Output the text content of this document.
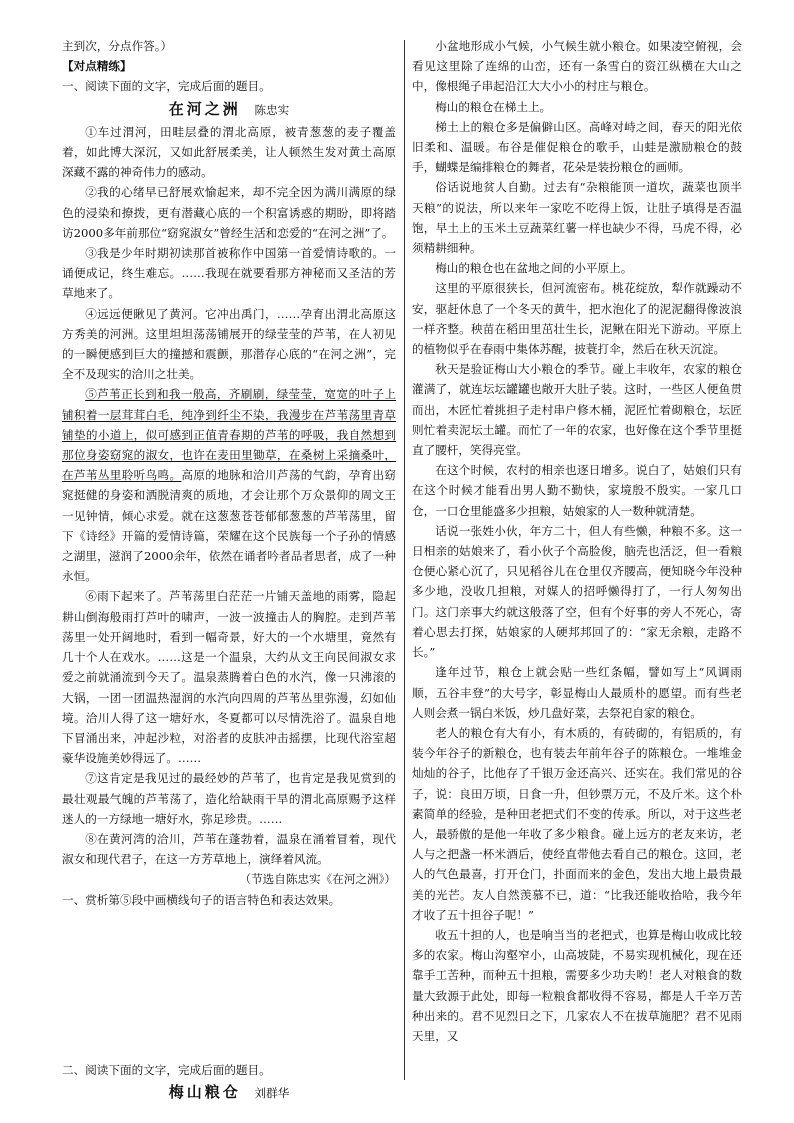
主到次，分点作答。）

【对点精练】

一、阅读下面的文字，完成后面的题目。

在河之洲 陈忠实

①车过渭河，田畦层叠的渭北高原，被青葱葱的麦子覆盖着，如此博大深沉，又如此舒展柔美，让人顿然生发对黄土高原深藏不露的神奇伟力的感动。

②我的心绪早已舒展欢愉起来，却不完全因为满川满原的绿色的浸染和撩拨，更有潜藏心底的一个积富诱惑的期盼，即将踏访2000多年前那位“窈窕淑女”曾经生活和恋爱的“在河之洲”了。

③我是少年时期初读那首被称作中国第一首爱情诗歌的。一诵便成记，终生难忘。……我现在就要看那方神秘而又圣洁的芳草地来了。

④远远便瞅见了黄河。它冲出禹门，……孕育出渭北高原这方秀美的河洲。这里坦坦荡荡铺展开的绿莹莹的芦苇，在人初见的一瞬便感到巨大的撞撼和震颤，那潜存心底的“在河之洲”，完全不及现实的洽川之壮美。

⑤芦苇正长到和我一般高，齐刷刷，绿莹莹，宽宽的叶子上铺积着一层茸茸白毛，纯净到纤尘不染，我漫步在芦苇荡里青草铺垫的小道上，似可感到正值青春期的芦苇的呼吸，我自然想到那位身姿窈窕的淑女，也许在麦田里锄草，在桑树上采摘桑叶，在芦苇丛里聆听鸟鸣。高原的地脉和洽川芦荡的气韵，孕育出窈窕挺健的身姿和洒脱清爽的质地，才会让那个万众景仰的周文王一见钟情，倾心求爱。就在这葱葱苍苍郁郁葱葱的芦苇荡里，留下《诗经》开篇的爱情诗篇，荣耀在这个民族每一个子孙的情感之湖里，滋润了2000余年，依然在诵者吟者品者思者，成了一种永恒。

⑥雨下起来了。芦苇荡里白茫茫一片铺天盖地的雨雾，隐起耕山倒海般雨打芦叶的啸声，一波一波撞击人的胸腔。走到芦苇荡里一处开阔地时，看到一幅奇景，好大的一个水塘里，竟然有几十个人在戏水。……这是一个温泉，大约从文王向民间淑女求爱之前就涌流到今天了。温泉蒸腾着白色的水汽，像一只沸滚的大锅，一团一团温热湿润的水汽向四周的芦苇丛里弥漫，幻如仙境。洽川人得了这一塘好水，冬夏都可以尽情洗浴了。温泉自地下冒涌出来，冲起沙粒，对浴者的皮肤冲击摇摆，比现代浴室超豪华设施美妙得远了。……

⑦这肯定是我见过的最经妙的芦苇了，也肯定是我见赏到的最壮观最气魄的芦苇荡了，造化给缺雨干旱的渭北高原赐予这样迷人的一方绿地一塘好水，弥足珍贵。……

⑧在黄河湾的洽川，芦苇在蓬勃着，温泉在涌着冒着，现代淑女和现代君子，在这一方芳草地上，演绎着风流。

（节选自陈忠实《在河之洲》）

一、赏析第⑤段中画横线句子的语言特色和表达效果。

二、阅读下面的文字，完成后面的题目。

梅山粮仓 刘群华

小盆地形成小气候，小气候生就小粮仓。如果凌空俯视，会看见这里除了连绵的山峦，还有一条雪白的资江纵横在大山之中，像根绳子串起沿江大大小小的村庄与粮仓。

梅山的粮仓在梯土上。

梯土上的粮仓多是偏僻山区。高峰对峙之间，春天的阳光依旧柔和、温暖。布谷是催促粮仓的歌手，山蛙是激励粮仓的鼓手，蝴蝶是编排粮仓的舞者，花朵是装扮粮仓的画师。

俗话说地贫人自勤。过去有“杂粮能顶一道坎，蔬菜也顶半天粮”的说法，所以来年一家吃不吃得上饭，让肚子填得是否温饱，早土上的玉米土豆蔬菜红薯一样也缺少不得，马虎不得，必须精耕细种。

梅山的粮仓也在盆地之间的小平原上。

这里的平原很狭长，但河流密布。桃花绽放，犁作就躁动不安，驱赶休息了一个冬天的黄牛，把水泡化了的泥泥翻得像波浪一样齐整。秧苗在稻田里茁壮生长，泥鳅在阳光下游动。平原上的植物似乎在春雨中集体苏醒，披蓑打伞，然后在秋天沉淀。

秋天是验证梅山大小粮仓的季节。碰上丰收年，农家的粮仓灌满了，就连坛坛罐罐也敞开大肚子装。这时，一些区人便鱼贯而出，木匠忙着挑担子走村串户修木桶，泥匠忙着砌粮仓，坛匠则忙着卖泥坛土罐。而忙了一年的农家，也好像在这个季节里挺直了腰杆，笑得亮堂。

在这个时候，农村的相亲也逐日增多。说白了，姑娘们只有在这个时候才能看出男人勤不勤快，家境殷不殷实。一家几口仓，一口仓里能盛多少担粮，姑娘家的人一数种就清楚。

话说一张姓小伙，年方二十，但人有些懒，种粮不多。这一日相亲的姑娘来了，看小伙子个高脸俊，脑壳也活泛，但一看粮仓便心紧心沉了，只见稻谷儿在仓里仅齐腰高，便知晓今年没种多少地，没收几担粮，对媒人的招呼懒得打了，一行人匆匆出门。这门亲事大约就这般落了空，但有个好事的旁人不死心，寄着心思去打探，姑娘家的人硬邦邦回了的：“家无余粮，走路不长。”

逢年过节，粮仓上就会贴一些红条幅，譬如写上“风调雨顺，五谷丰登”的大号字，彰显梅山人最质朴的愿望。而有些老人则会煮一锅白米饭，炒几盘好菜，去祭祀自家的粮仓。

老人的粮仓有大有小，有木质的，有砖砌的，有铝质的，有装今年谷子的新粮仓，也有装去年前年谷子的陈粮仓。一堆堆金灿灿的谷子，比他存了千银万金还高兴、还实在。我们常见的谷子，说：良田万顷，日食一升，但钞票万元，不及斤米。这个朴素简单的经验，是种田老把式们不变的传承。所以，对于这些老人，最骄傲的是他一年收了多少粮食。碰上远方的老友来访，老人与之把盏一杯米酒后，使经直带他去看自己的粮仓。这回，老人的气色最喜，打开仓门，扑面而来的金色，发出大地上最贵最美的光芒。友人自然羡慕不已，道：“比我还能收拾哈，我今年才收了五十担谷子呢！”

收五十担的人，也是响当当的老把式，也算是梅山收成比较多的农家。梅山沟壑窄小，山高坡陡，不易实现机械化，现在还靠手工苦种，而种五十担粮，需要多少功夫哟！老人对粮食的数量大致源于此处，即每一粒粮食都收得不容易，都是人千辛万苦种出来的。君不见烈日之下，几家农人不在拔草施肥？君不见雨天里，又
